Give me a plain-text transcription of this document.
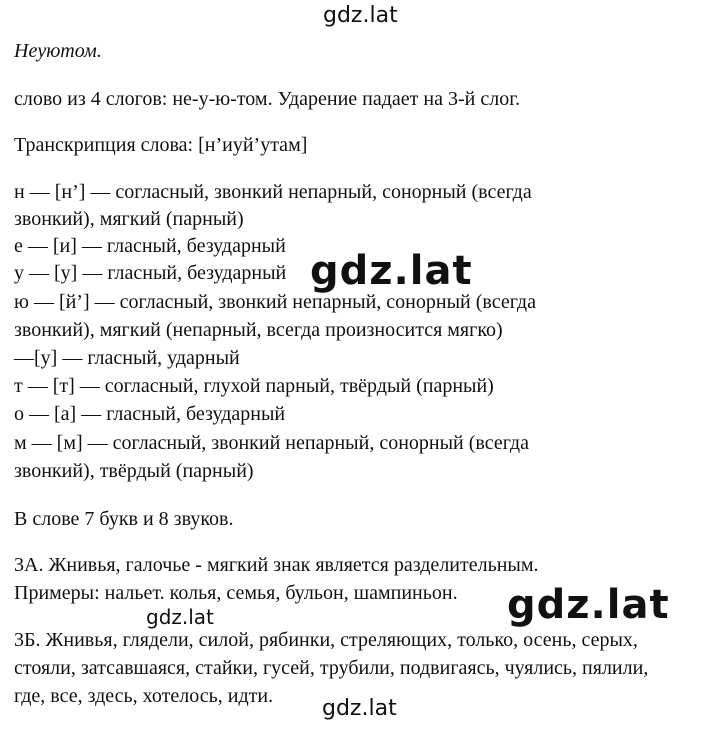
gdz.lat
Неуютом.
слово из 4 слогов: не-у-ю-том. Ударение падает на 3-й слог.
Транскрипция слова: [н’иуй’утам]
н — [н’] — согласный, звонкий непарный, сонорный (всегда
звонкий), мягкий (парный)
е — [и] — гласный, безударный
у — [у] — гласный, безударный
ю — [й’] — согласный, звонкий непарный, сонорный (всегда
звонкий), мягкий (непарный, всегда произносится мягко)
—[у] — гласный, ударный
т — [т] — согласный, глухой парный, твёрдый (парный)
о — [а] — гласный, безударный
м — [м] — согласный, звонкий непарный, сонорный (всегда
звонкий), твёрдый (парный)
В слове 7 букв и 8 звуков.
3А. Жнивья, галочье - мягкий знак является разделительным.
Примеры: нальет. колья, семья, бульон, шампиньон.
3Б. Жнивья, глядели, силой, рябинки, стреляющих, только, осень, серых,
стояли, затсавшаяся, стайки, гусей, трубили, подвигаясь, чуялись, пялили,
где, все, здесь, хотелось, идти.
gdz.lat
gdz.lat
gdz.lat
gdz.lat
